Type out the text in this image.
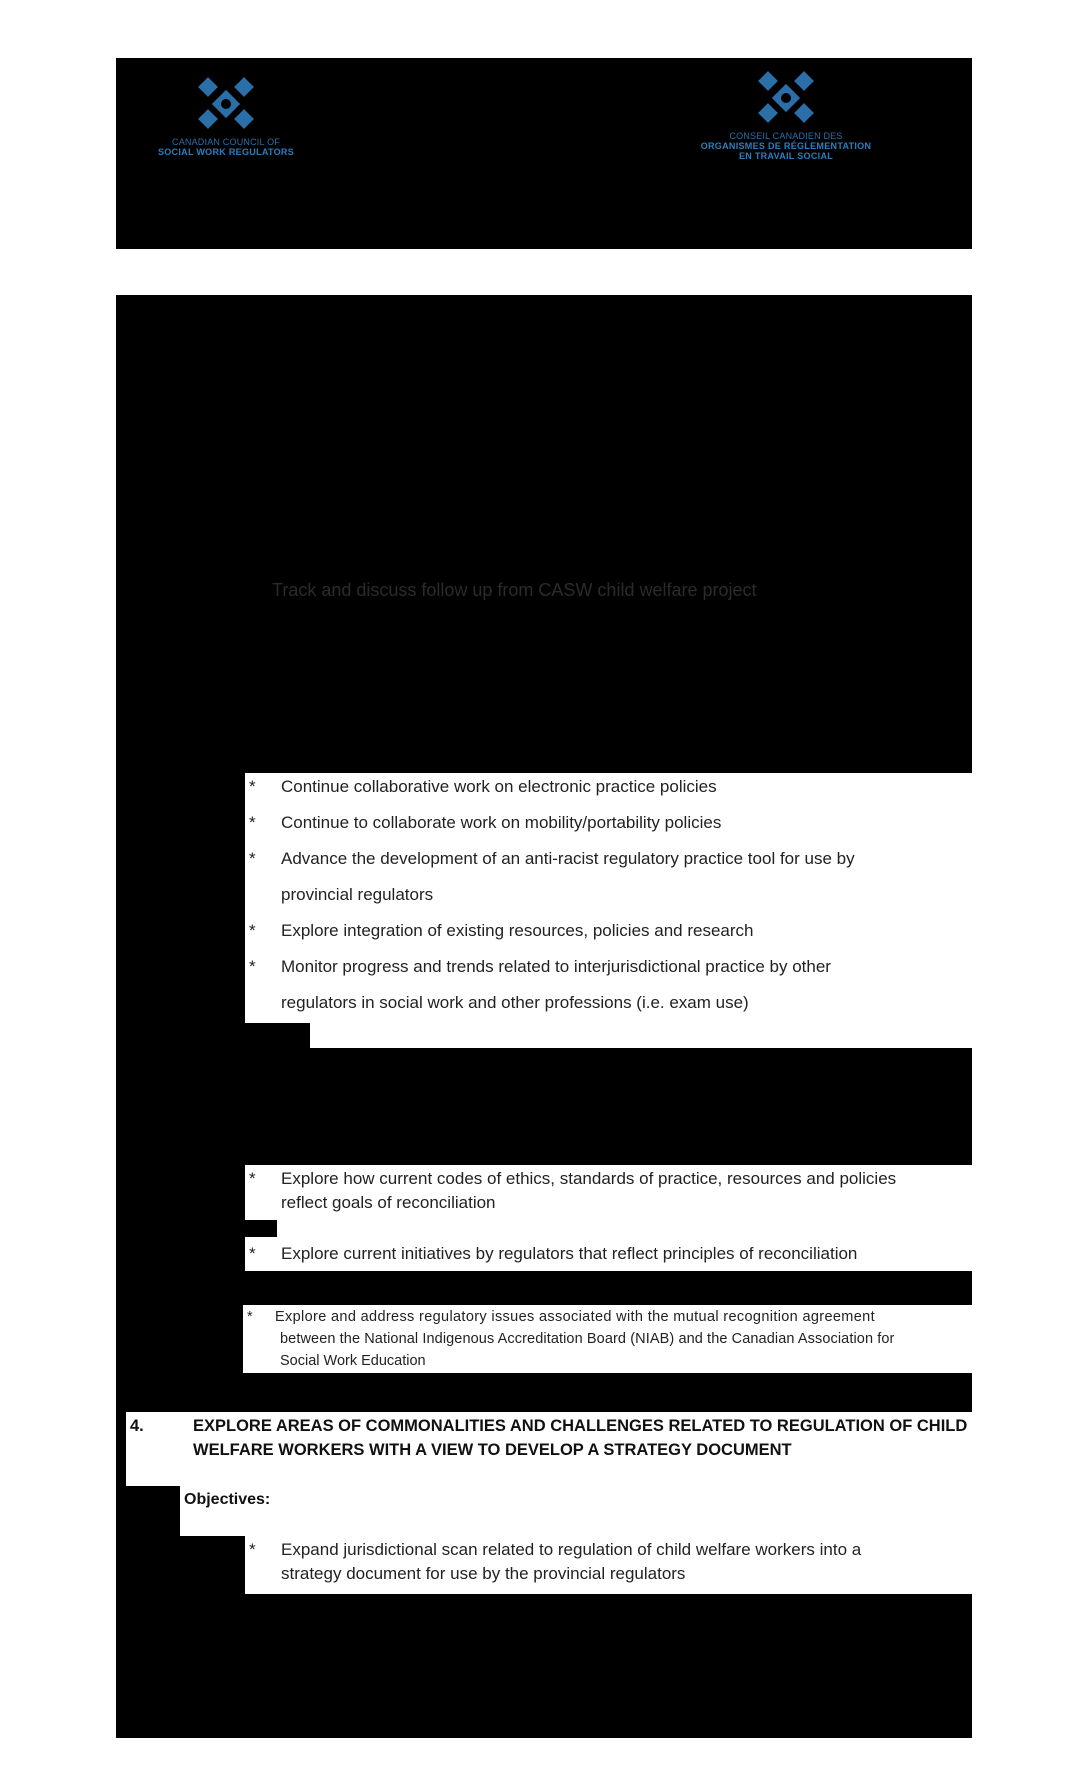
CANADIAN COUNCIL OF
SOCIAL WORK REGULATORS
CONSEIL CANADIEN DES
ORGANISMES DE RÉGLEMENTATION
EN TRAVAIL SOCIAL
Track and discuss follow up from CASW child welfare project
* Continue collaborative work on electronic practice policies
* Continue to collaborate work on mobility/portability policies
* Advance the development of an anti-racist regulatory practice tool for use by
provincial regulators
* Explore integration of existing resources, policies and research
* Monitor progress and trends related to interjurisdictional practice by other
regulators in social work and other professions (i.e. exam use)
* Explore how current codes of ethics, standards of practice, resources and policies
reflect goals of reconciliation
* Explore current initiatives by regulators that reflect principles of reconciliation
* Explore and address regulatory issues associated with the mutual recognition agreement
between the National Indigenous Accreditation Board (NIAB) and the Canadian Association for
Social Work Education
4.	EXPLORE AREAS OF COMMONALITIES AND CHALLENGES RELATED TO REGULATION OF CHILD
WELFARE WORKERS WITH A VIEW TO DEVELOP A STRATEGY DOCUMENT
Objectives:
* Expand jurisdictional scan related to regulation of child welfare workers into a
strategy document for use by the provincial regulators
